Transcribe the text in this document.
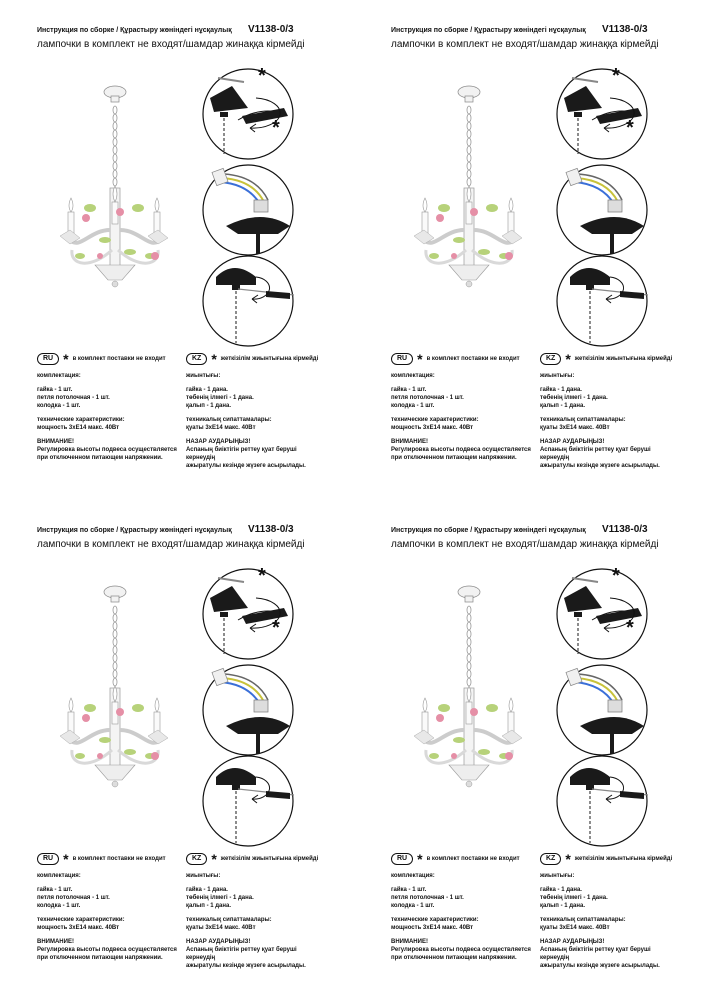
Инструкция по сборке / Құрастыру жөніндегі нұсқаулық V1138-0/3
лампочки в комплект не входят/шамдар жинаққа кірмейді
*
*
RU * в комплект поставки не входит
комплектация:
гайка - 1 шт.
петля потолочная - 1 шт.
колодка - 1 шт.
технические характеристики:
мощность 3хЕ14 макс. 40Вт
ВНИМАНИЕ!
Регулировка высоты подвеса осуществляется
при отключенном питающем напряжении.
KZ * жеткізілім жиынтығына кірмейді
жиынтығы:
гайка - 1 дана.
төбенің ілмегі - 1 дана.
қалып - 1 дана.
техникалық сипаттамалары:
қуаты 3хЕ14 макс. 40Вт
НАЗАР АУДАРЫҢЫЗ!
Аспаның биіктігін реттеу қуат беруші кернеудің
ажыратулы кезінде жүзеге асырылады.
Инструкция по сборке / Құрастыру жөніндегі нұсқаулық V1138-0/3
лампочки в комплект не входят/шамдар жинаққа кірмейді
*
*
RU * в комплект поставки не входит
комплектация:
гайка - 1 шт.
петля потолочная - 1 шт.
колодка - 1 шт.
технические характеристики:
мощность 3хЕ14 макс. 40Вт
ВНИМАНИЕ!
Регулировка высоты подвеса осуществляется
при отключенном питающем напряжении.
KZ * жеткізілім жиынтығына кірмейді
жиынтығы:
гайка - 1 дана.
төбенің ілмегі - 1 дана.
қалып - 1 дана.
техникалық сипаттамалары:
қуаты 3хЕ14 макс. 40Вт
НАЗАР АУДАРЫҢЫЗ!
Аспаның биіктігін реттеу қуат беруші кернеудің
ажыратулы кезінде жүзеге асырылады.
Инструкция по сборке / Құрастыру жөніндегі нұсқаулық V1138-0/3
лампочки в комплект не входят/шамдар жинаққа кірмейді
*
*
RU * в комплект поставки не входит
комплектация:
гайка - 1 шт.
петля потолочная - 1 шт.
колодка - 1 шт.
технические характеристики:
мощность 3хЕ14 макс. 40Вт
ВНИМАНИЕ!
Регулировка высоты подвеса осуществляется
при отключенном питающем напряжении.
KZ * жеткізілім жиынтығына кірмейді
жиынтығы:
гайка - 1 дана.
төбенің ілмегі - 1 дана.
қалып - 1 дана.
техникалық сипаттамалары:
қуаты 3хЕ14 макс. 40Вт
НАЗАР АУДАРЫҢЫЗ!
Аспаның биіктігін реттеу қуат беруші кернеудің
ажыратулы кезінде жүзеге асырылады.
Инструкция по сборке / Құрастыру жөніндегі нұсқаулық V1138-0/3
лампочки в комплект не входят/шамдар жинаққа кірмейді
*
*
RU * в комплект поставки не входит
комплектация:
гайка - 1 шт.
петля потолочная - 1 шт.
колодка - 1 шт.
технические характеристики:
мощность 3хЕ14 макс. 40Вт
ВНИМАНИЕ!
Регулировка высоты подвеса осуществляется
при отключенном питающем напряжении.
KZ * жеткізілім жиынтығына кірмейді
жиынтығы:
гайка - 1 дана.
төбенің ілмегі - 1 дана.
қалып - 1 дана.
техникалық сипаттамалары:
қуаты 3хЕ14 макс. 40Вт
НАЗАР АУДАРЫҢЫЗ!
Аспаның биіктігін реттеу қуат беруші кернеудің
ажыратулы кезінде жүзеге асырылады.
